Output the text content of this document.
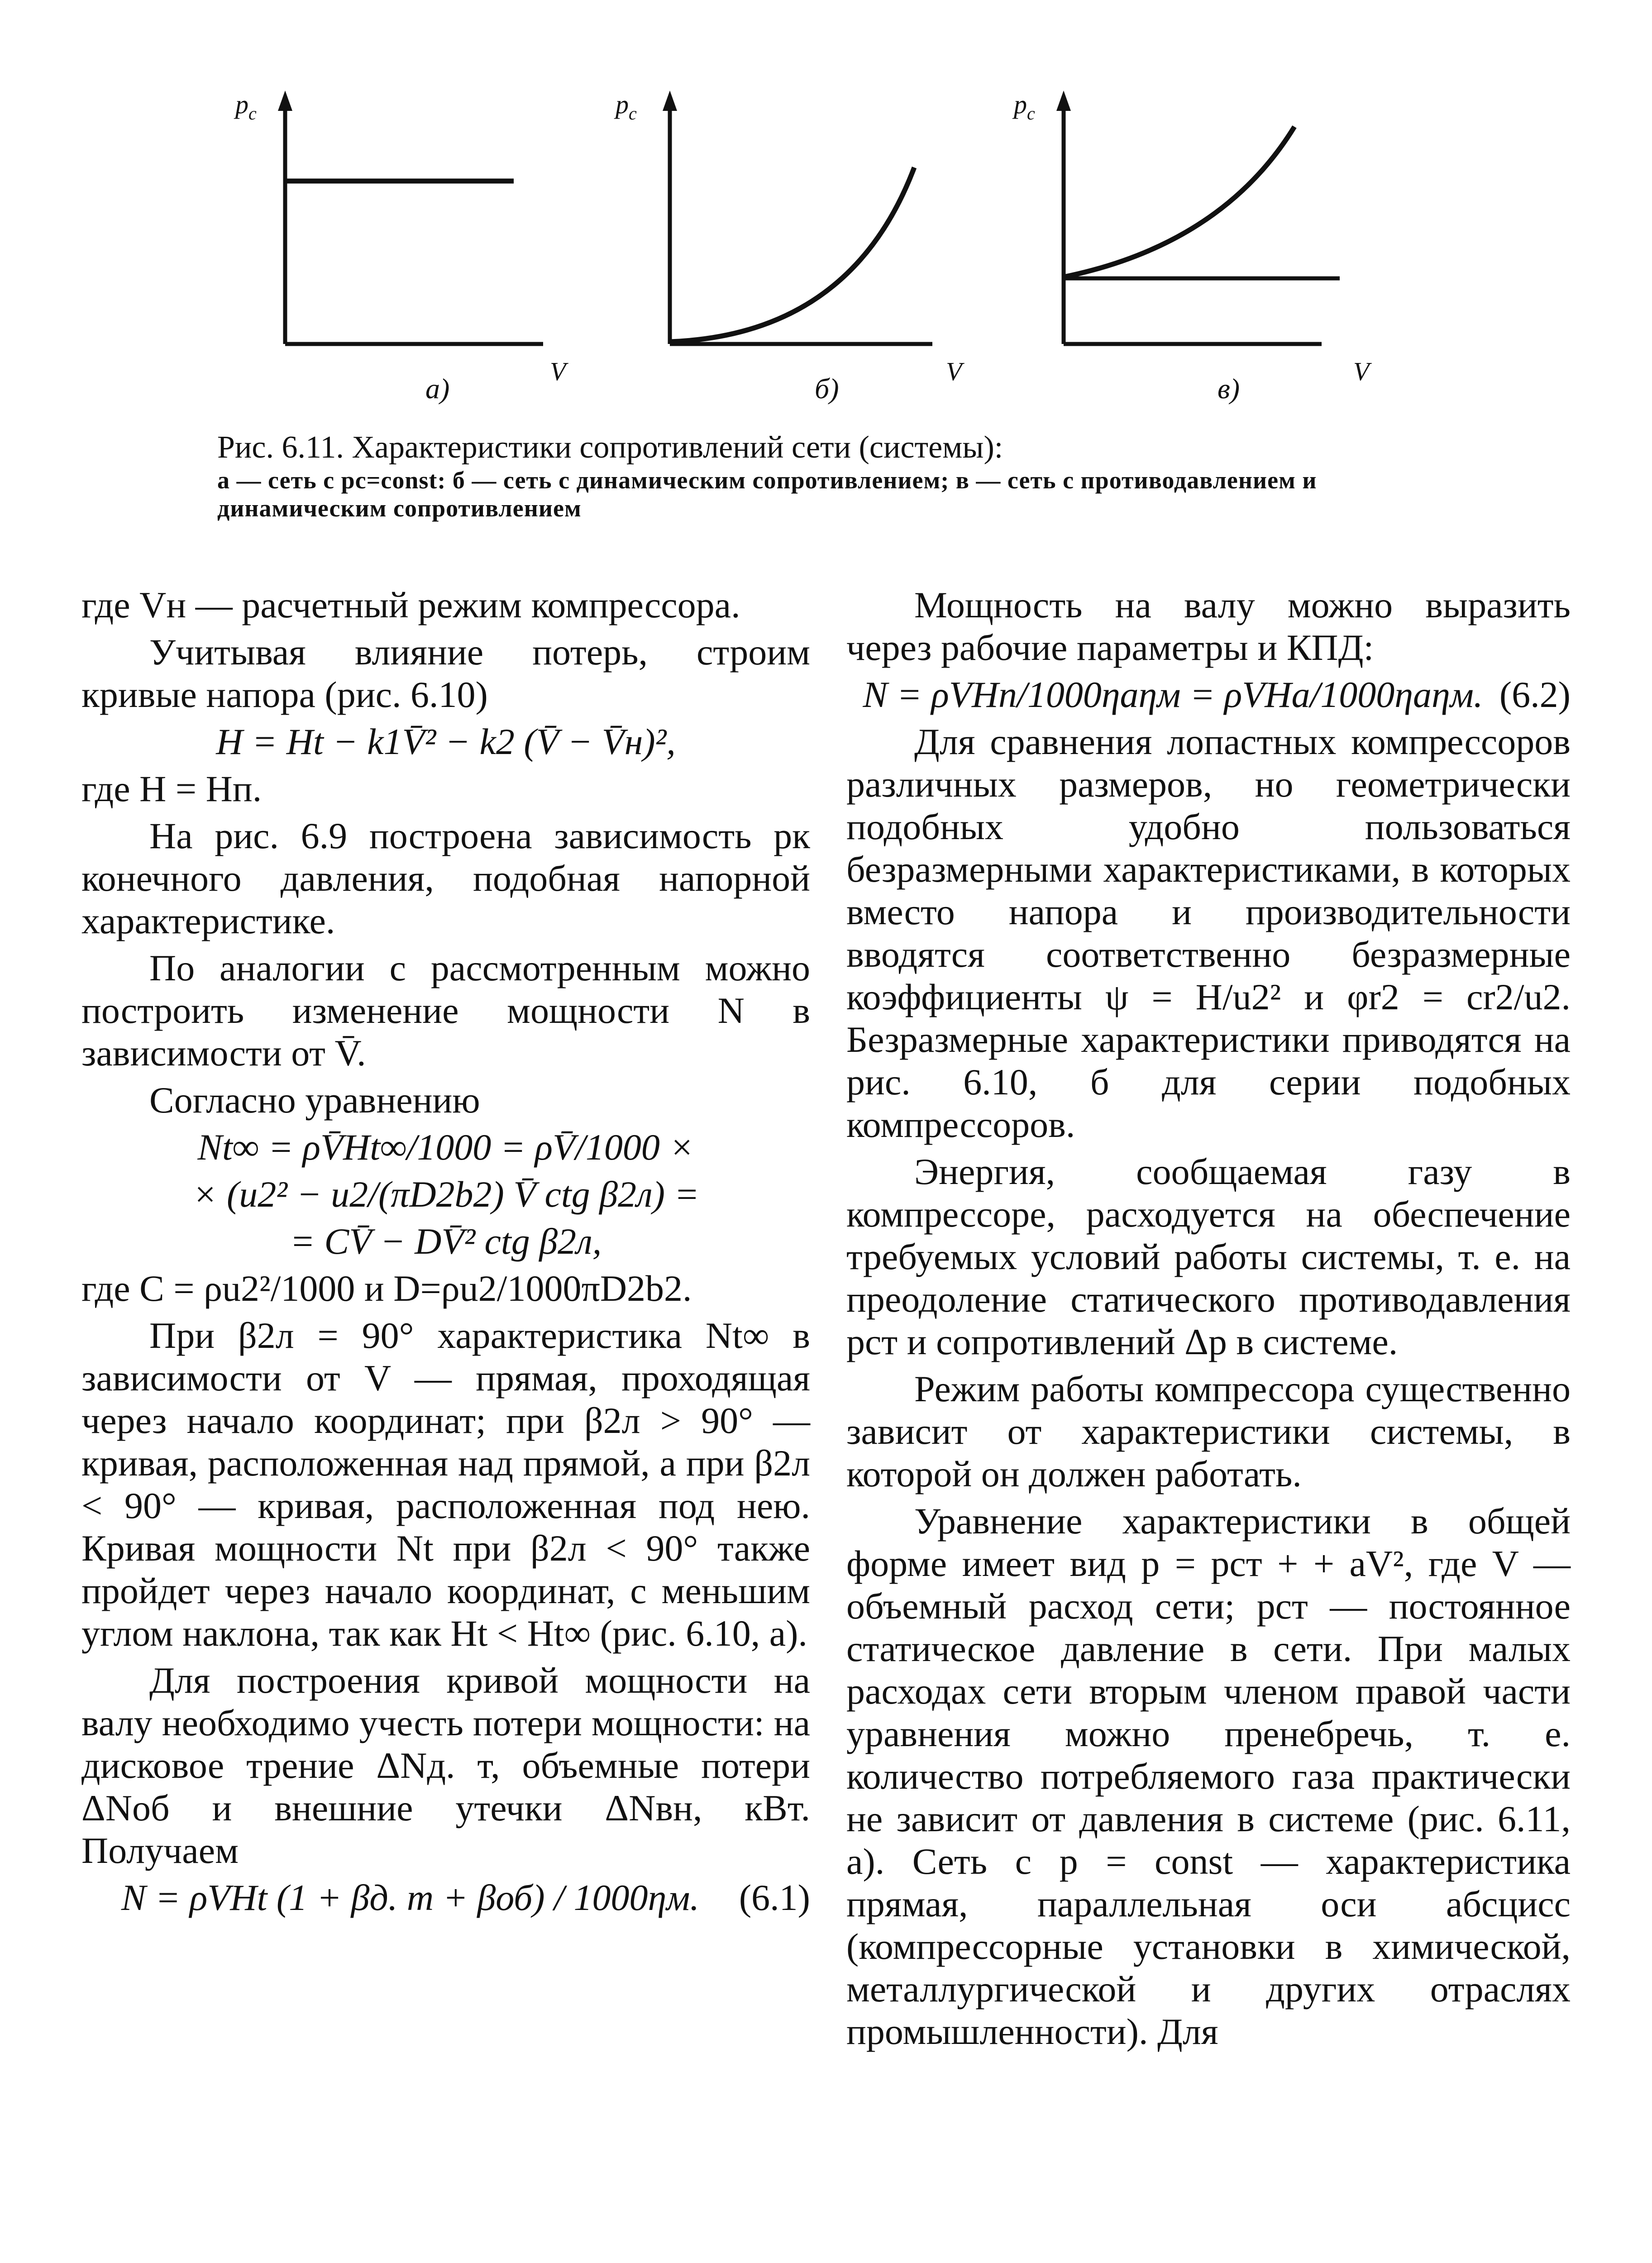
$p_c$
V
а)
$p_c$
V
б)
$p_c$
V
в)
Рис. 6.11. Характеристики сопротивлений сети (системы):
а — сеть с pc=const: б — сеть с динамическим сопротивлением; в — сеть с противодавлением и динамическим сопротивлением

где Vн — расчетный режим компрессора.

Учитывая влияние потерь, строим кривые напора (рис. 6.10)

H = Ht − k1V̄² − k2 (V̄ − V̄н)²,

где H = Hп.

На рис. 6.9 построена зависимость pк конечного давления, подобная напорной характеристике.

По аналогии с рассмотренным можно построить изменение мощности N в зависимости от V̄.

Согласно уравнению

Nt∞ = ρV̄Ht∞/1000 = ρV̄/1000 ×

× (u2² − u2/(πD2b2) V̄ ctg β2л) =

= CV̄ − DV̄² ctg β2л,

где C = ρu2²/1000 и D=ρu2/1000πD2b2.

При β2л = 90° характеристика Nt∞ в зависимости от V — прямая, проходящая через начало координат; при β2л > 90° — кривая, расположенная над прямой, а при β2л < 90° — кривая, расположенная под нею. Кривая мощности Nt при β2л < 90° также пройдет через начало координат, с меньшим углом наклона, так как Ht < Ht∞ (рис. 6.10, а).

Для построения кривой мощности на валу необходимо учесть потери мощности: на дисковое трение ΔNд. т, объемные потери ΔNоб и внешние утечки ΔNвн, кВт. Получаем

N = ρVHt (1 + βд. т + βоб) / 1000ηм. (6.1)

Мощность на валу можно выразить через рабочие параметры и КПД:

N = ρVHп/1000ηаηм = ρVHа/1000ηаηм. (6.2)

Для сравнения лопастных компрессоров различных размеров, но геометрически подобных удобно пользоваться безразмерными характеристиками, в которых вместо напора и производительности вводятся соответственно безразмерные коэффициенты ψ = H/u2² и φr2 = cr2/u2. Безразмерные характеристики приводятся на рис. 6.10, б для серии подобных компрессоров.

Энергия, сообщаемая газу в компрессоре, расходуется на обеспечение требуемых условий работы системы, т. е. на преодоление статического противодавления pст и сопротивлений Δp в системе.

Режим работы компрессора существенно зависит от характеристики системы, в которой он должен работать.

Уравнение характеристики в общей форме имеет вид p = pст + + aV², где V — объемный расход сети; pст — постоянное статическое давление в сети. При малых расходах сети вторым членом правой части уравнения можно пренебречь, т. е. количество потребляемого газа практически не зависит от давления в системе (рис. 6.11, а). Сеть с p = const — характеристика прямая, параллельная оси абсцисс (компрессорные установки в химической, металлургической и других отраслях промышленности). Для
